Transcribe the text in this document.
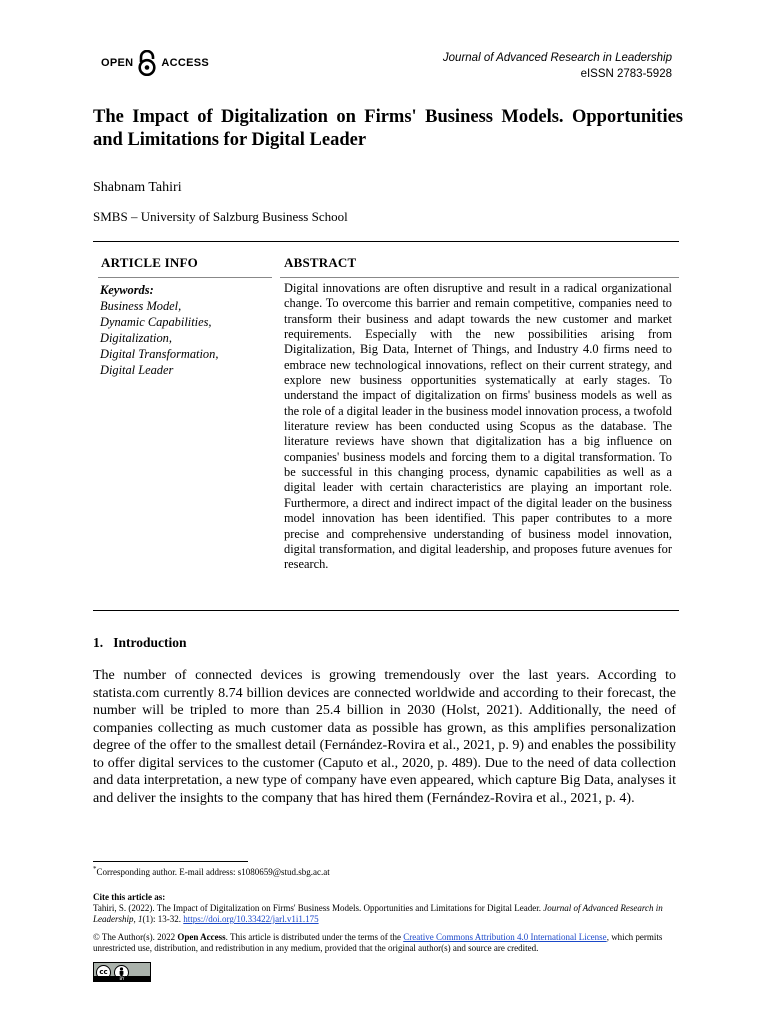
OPEN	ACCESS	Journal of Advanced Research in Leadership
eISSN 2783-5928
The Impact of Digitalization on Firms' Business Models. Opportunities and Limitations for Digital Leader
Shabnam Tahiri
SMBS – University of Salzburg Business School
ARTICLE INFO	ABSTRACT
Keywords:
Business Model,
Dynamic Capabilities,
Digitalization,
Digital Transformation,
Digital Leader
Digital innovations are often disruptive and result in a radical organizational change. To overcome this barrier and remain competitive, companies need to transform their business and adapt towards the new customer and market requirements. Especially with the new possibilities arising from Digitalization, Big Data, Internet of Things, and Industry 4.0 firms need to embrace new technological innovations, reflect on their current strategy, and explore new business opportunities systematically at early stages. To understand the impact of digitalization on firms' business models as well as the role of a digital leader in the business model innovation process, a twofold literature review has been conducted using Scopus as the database. The literature reviews have shown that digitalization has a big influence on companies' business models and forcing them to a digital transformation. To be successful in this changing process, dynamic capabilities as well as a digital leader with certain characteristics are playing an important role. Furthermore, a direct and indirect impact of the digital leader on the business model innovation has been identified. This paper contributes to a more precise and comprehensive understanding of business model innovation, digital transformation, and digital leadership, and proposes future avenues for research.
1.   Introduction
The number of connected devices is growing tremendously over the last years. According to statista.com currently 8.74 billion devices are connected worldwide and according to their forecast, the number will be tripled to more than 25.4 billion in 2030 (Holst, 2021). Additionally, the need of companies collecting as much customer data as possible has grown, as this amplifies personalization degree of the offer to the smallest detail (Fernández-Rovira et al., 2021, p. 9) and enables the possibility to offer digital services to the customer (Caputo et al., 2020, p. 489). Due to the need of data collection and data interpretation, a new type of company have even appeared, which capture Big Data, analyses it and deliver the insights to the company that has hired them (Fernández-Rovira et al., 2021, p. 4).
*Corresponding author. E-mail address: s1080659@stud.sbg.ac.at
Cite this article as:
Tahiri, S. (2022). The Impact of Digitalization on Firms' Business Models. Opportunities and Limitations for Digital Leader. Journal of Advanced Research in Leadership, 1(1): 13-32. https://doi.org/10.33422/jarl.v1i1.175
© The Author(s). 2022 Open Access. This article is distributed under the terms of the Creative Commons Attribution 4.0 International License, which permits unrestricted use, distribution, and redistribution in any medium, provided that the original author(s) and source are credited.
cc
BY
